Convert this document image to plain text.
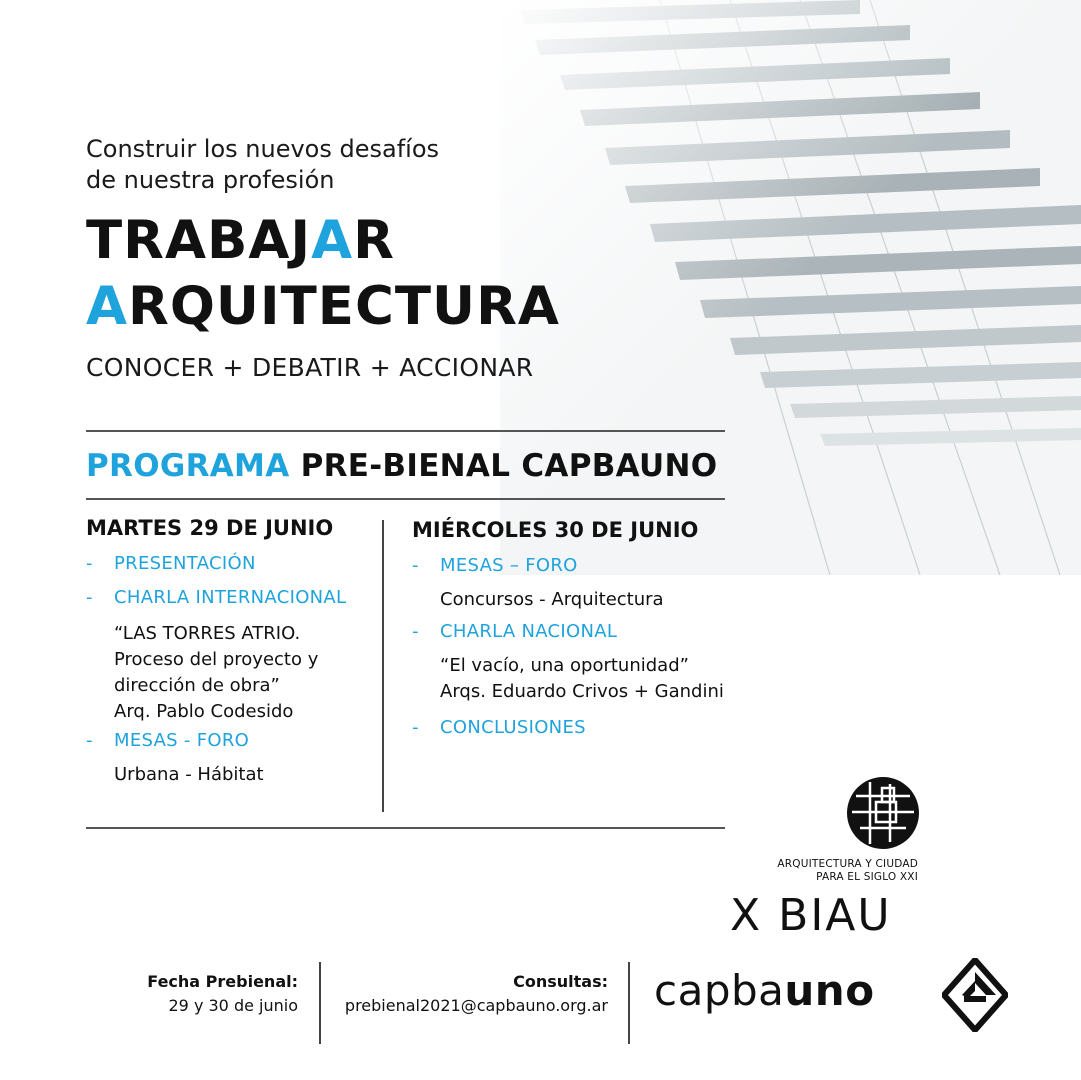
Construir los nuevos desafíos
de nuestra profesión
TRABAJAR
ARQUITECTURA
CONOCER + DEBATIR + ACCIONAR
PROGRAMA PRE-BIENAL CAPBAUNO
MARTES 29 DE JUNIO
- PRESENTACIÓN
- CHARLA INTERNACIONAL
“LAS TORRES ATRIO.
Proceso del proyecto y
dirección de obra”
Arq. Pablo Codesido
- MESAS - FORO
Urbana - Hábitat
MIÉRCOLES 30 DE JUNIO
- MESAS – FORO
Concursos - Arquitectura
- CHARLA NACIONAL
“El vacío, una oportunidad”
Arqs. Eduardo Crivos + Gandini
- CONCLUSIONES
ARQUITECTURA Y CIUDAD
PARA EL SIGLO XXI
X BIAU
Fecha Prebienal:
29 y 30 de junio
Consultas:
prebienal2021@capbauno.org.ar capbauno
